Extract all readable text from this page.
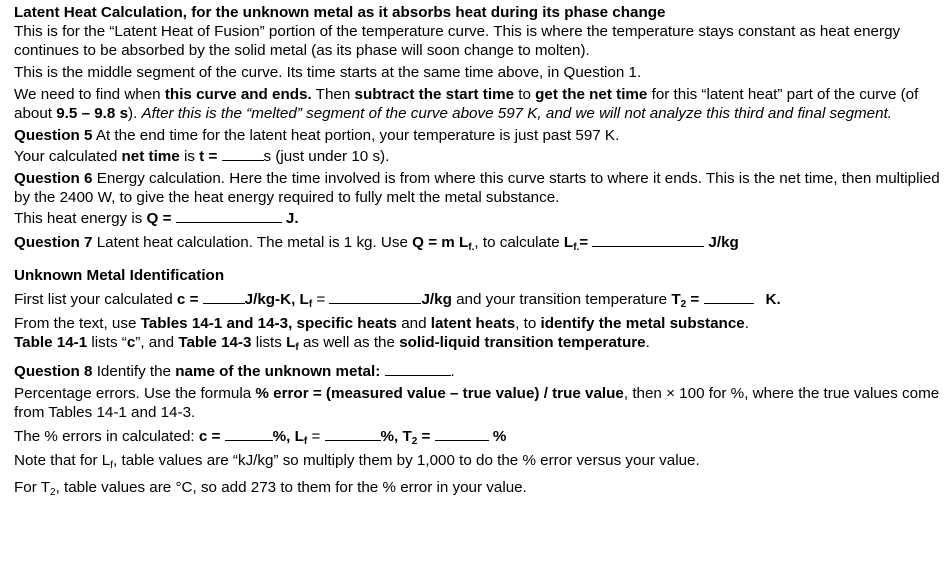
Latent Heat Calculation, for the unknown metal as it absorbs heat during its phase change

This is for the “Latent Heat of Fusion” portion of the temperature curve. This is where the temperature stays constant as heat energy continues to be absorbed by the solid metal (as its phase will soon change to molten).

This is the middle segment of the curve. Its time starts at the same time above, in Question 1.

We need to find when this curve and ends. Then subtract the start time to get the net time for this “latent heat” part of the curve (of about 9.5 – 9.8 s). After this is the “melted” segment of the curve above 597 K, and we will not analyze this third and final segment.

Question 5 At the end time for the latent heat portion, your temperature is just past 597 K.

Your calculated net time is t =	s (just under 10 s).

Question 6 Energy calculation. Here the time involved is from where this curve starts to where it ends. This is the net time, then multiplied by the 2400 W, to give the heat energy required to fully melt the metal substance.

This heat energy is Q =	J.

Question 7 Latent heat calculation. The metal is 1 kg. Use Q = m $L_{f.}$, to calculate $L_{f.}=$	J/kg

Unknown Metal Identification

First list your calculated c =	J/kg-K, $L_f$ =	J/kg and your transition temperature $T_2$ =	K.

From the text, use Tables 14-1 and 14-3, specific heats and latent heats, to identify the metal substance.

Table 14-1 lists “c”, and Table 14-3 lists $L_f$ as well as the solid-liquid transition temperature.

Question 8 Identify the name of the unknown metal:	.

Percentage errors. Use the formula % error = (measured value – true value) / true value, then × 100 for %, where the true values come from Tables 14-1 and 14-3.

The % errors in calculated: c =	%, $L_f$ =	%, $T_2$ =	%

Note that for $L_f$, table values are “kJ/kg” so multiply them by 1,000 to do the % error versus your value.

For $T_2$, table values are °C, so add 273 to them for the % error in your value.
